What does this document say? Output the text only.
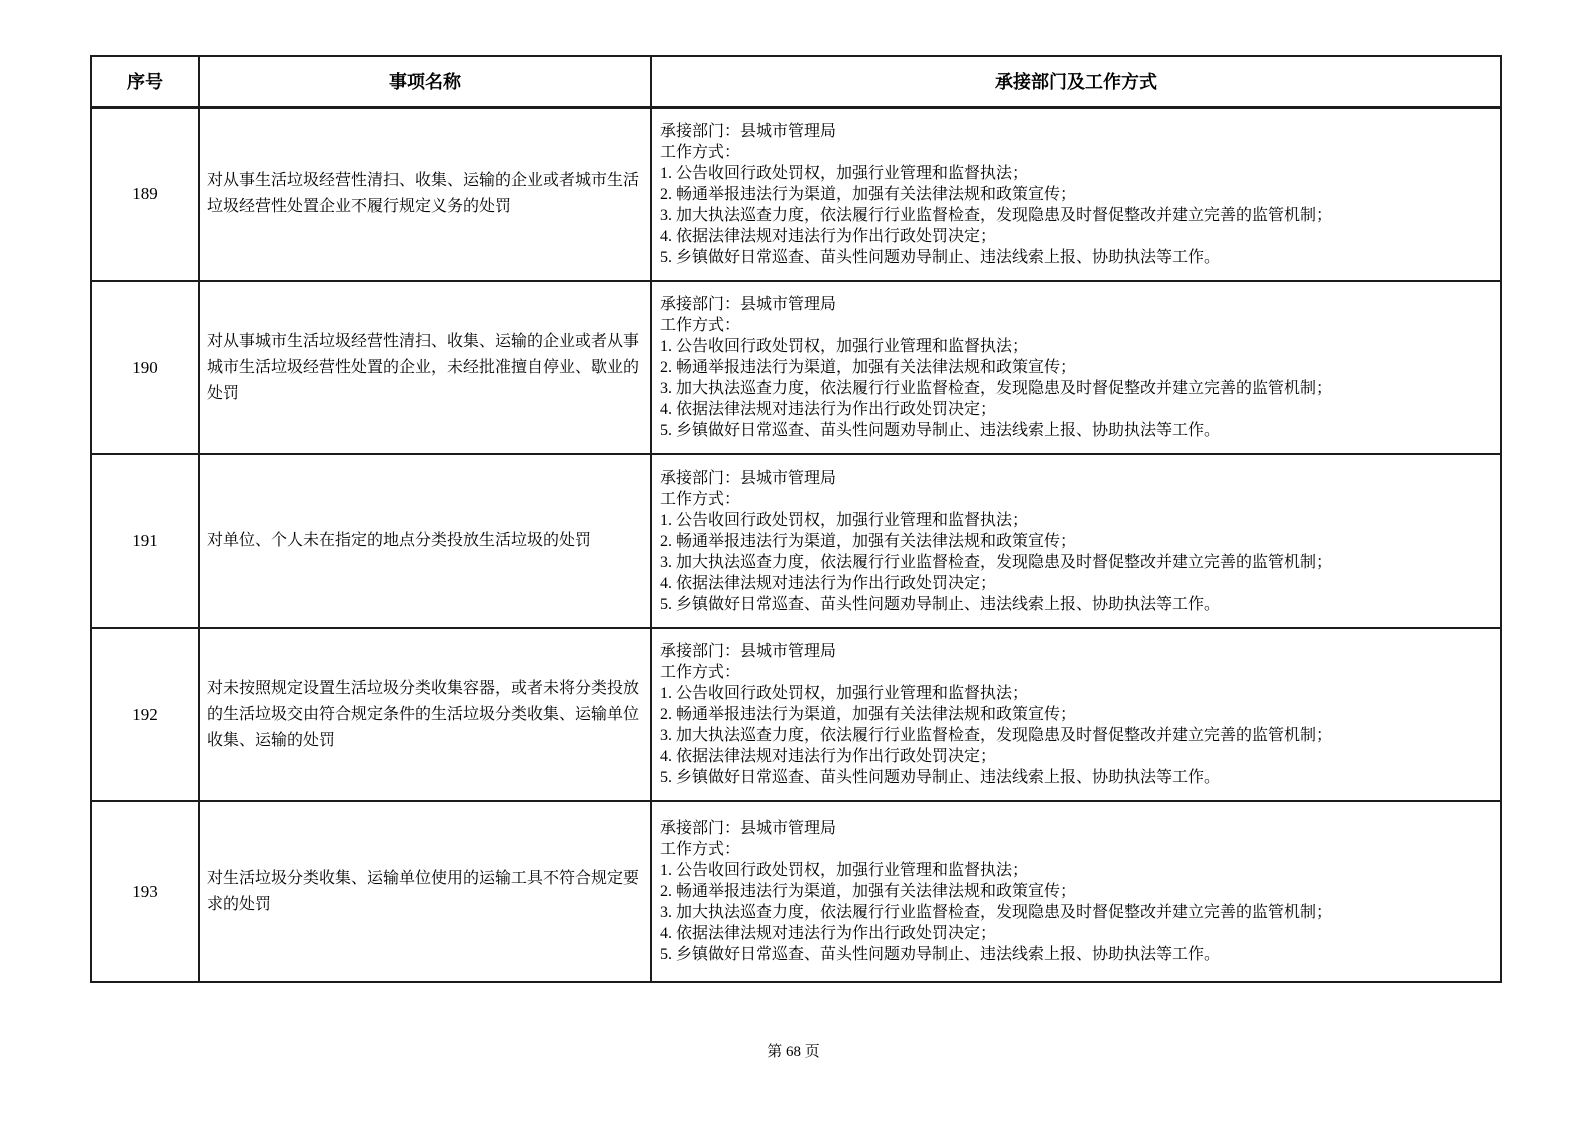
序号	事项名称	承接部门及工作方式
189	对从事生活垃圾经营性清扫、收集、运输的企业或者城市生活垃圾经营性处置企业不履行规定义务的处罚	
承接部门：县城市管理局
工作方式：
1. 公告收回行政处罚权，加强行业管理和监督执法；
2. 畅通举报违法行为渠道，加强有关法律法规和政策宣传；
3. 加大执法巡查力度，依法履行行业监督检查，发现隐患及时督促整改并建立完善的监管机制；
4. 依据法律法规对违法行为作出行政处罚决定；
5. 乡镇做好日常巡查、苗头性问题劝导制止、违法线索上报、协助执法等工作。

190	对从事城市生活垃圾经营性清扫、收集、运输的企业或者从事城市生活垃圾经营性处置的企业，未经批准擅自停业、歇业的处罚	
承接部门：县城市管理局
工作方式：
1. 公告收回行政处罚权，加强行业管理和监督执法；
2. 畅通举报违法行为渠道，加强有关法律法规和政策宣传；
3. 加大执法巡查力度，依法履行行业监督检查，发现隐患及时督促整改并建立完善的监管机制；
4. 依据法律法规对违法行为作出行政处罚决定；
5. 乡镇做好日常巡查、苗头性问题劝导制止、违法线索上报、协助执法等工作。

191	对单位、个人未在指定的地点分类投放生活垃圾的处罚	
承接部门：县城市管理局
工作方式：
1. 公告收回行政处罚权，加强行业管理和监督执法；
2. 畅通举报违法行为渠道，加强有关法律法规和政策宣传；
3. 加大执法巡查力度，依法履行行业监督检查，发现隐患及时督促整改并建立完善的监管机制；
4. 依据法律法规对违法行为作出行政处罚决定；
5. 乡镇做好日常巡查、苗头性问题劝导制止、违法线索上报、协助执法等工作。

192	对未按照规定设置生活垃圾分类收集容器，或者未将分类投放的生活垃圾交由符合规定条件的生活垃圾分类收集、运输单位收集、运输的处罚	
承接部门：县城市管理局
工作方式：
1. 公告收回行政处罚权，加强行业管理和监督执法；
2. 畅通举报违法行为渠道，加强有关法律法规和政策宣传；
3. 加大执法巡查力度，依法履行行业监督检查，发现隐患及时督促整改并建立完善的监管机制；
4. 依据法律法规对违法行为作出行政处罚决定；
5. 乡镇做好日常巡查、苗头性问题劝导制止、违法线索上报、协助执法等工作。

193	对生活垃圾分类收集、运输单位使用的运输工具不符合规定要求的处罚	
承接部门：县城市管理局
工作方式：
1. 公告收回行政处罚权，加强行业管理和监督执法；
2. 畅通举报违法行为渠道，加强有关法律法规和政策宣传；
3. 加大执法巡查力度，依法履行行业监督检查，发现隐患及时督促整改并建立完善的监管机制；
4. 依据法律法规对违法行为作出行政处罚决定；
5. 乡镇做好日常巡查、苗头性问题劝导制止、违法线索上报、协助执法等工作。
第 68 页
